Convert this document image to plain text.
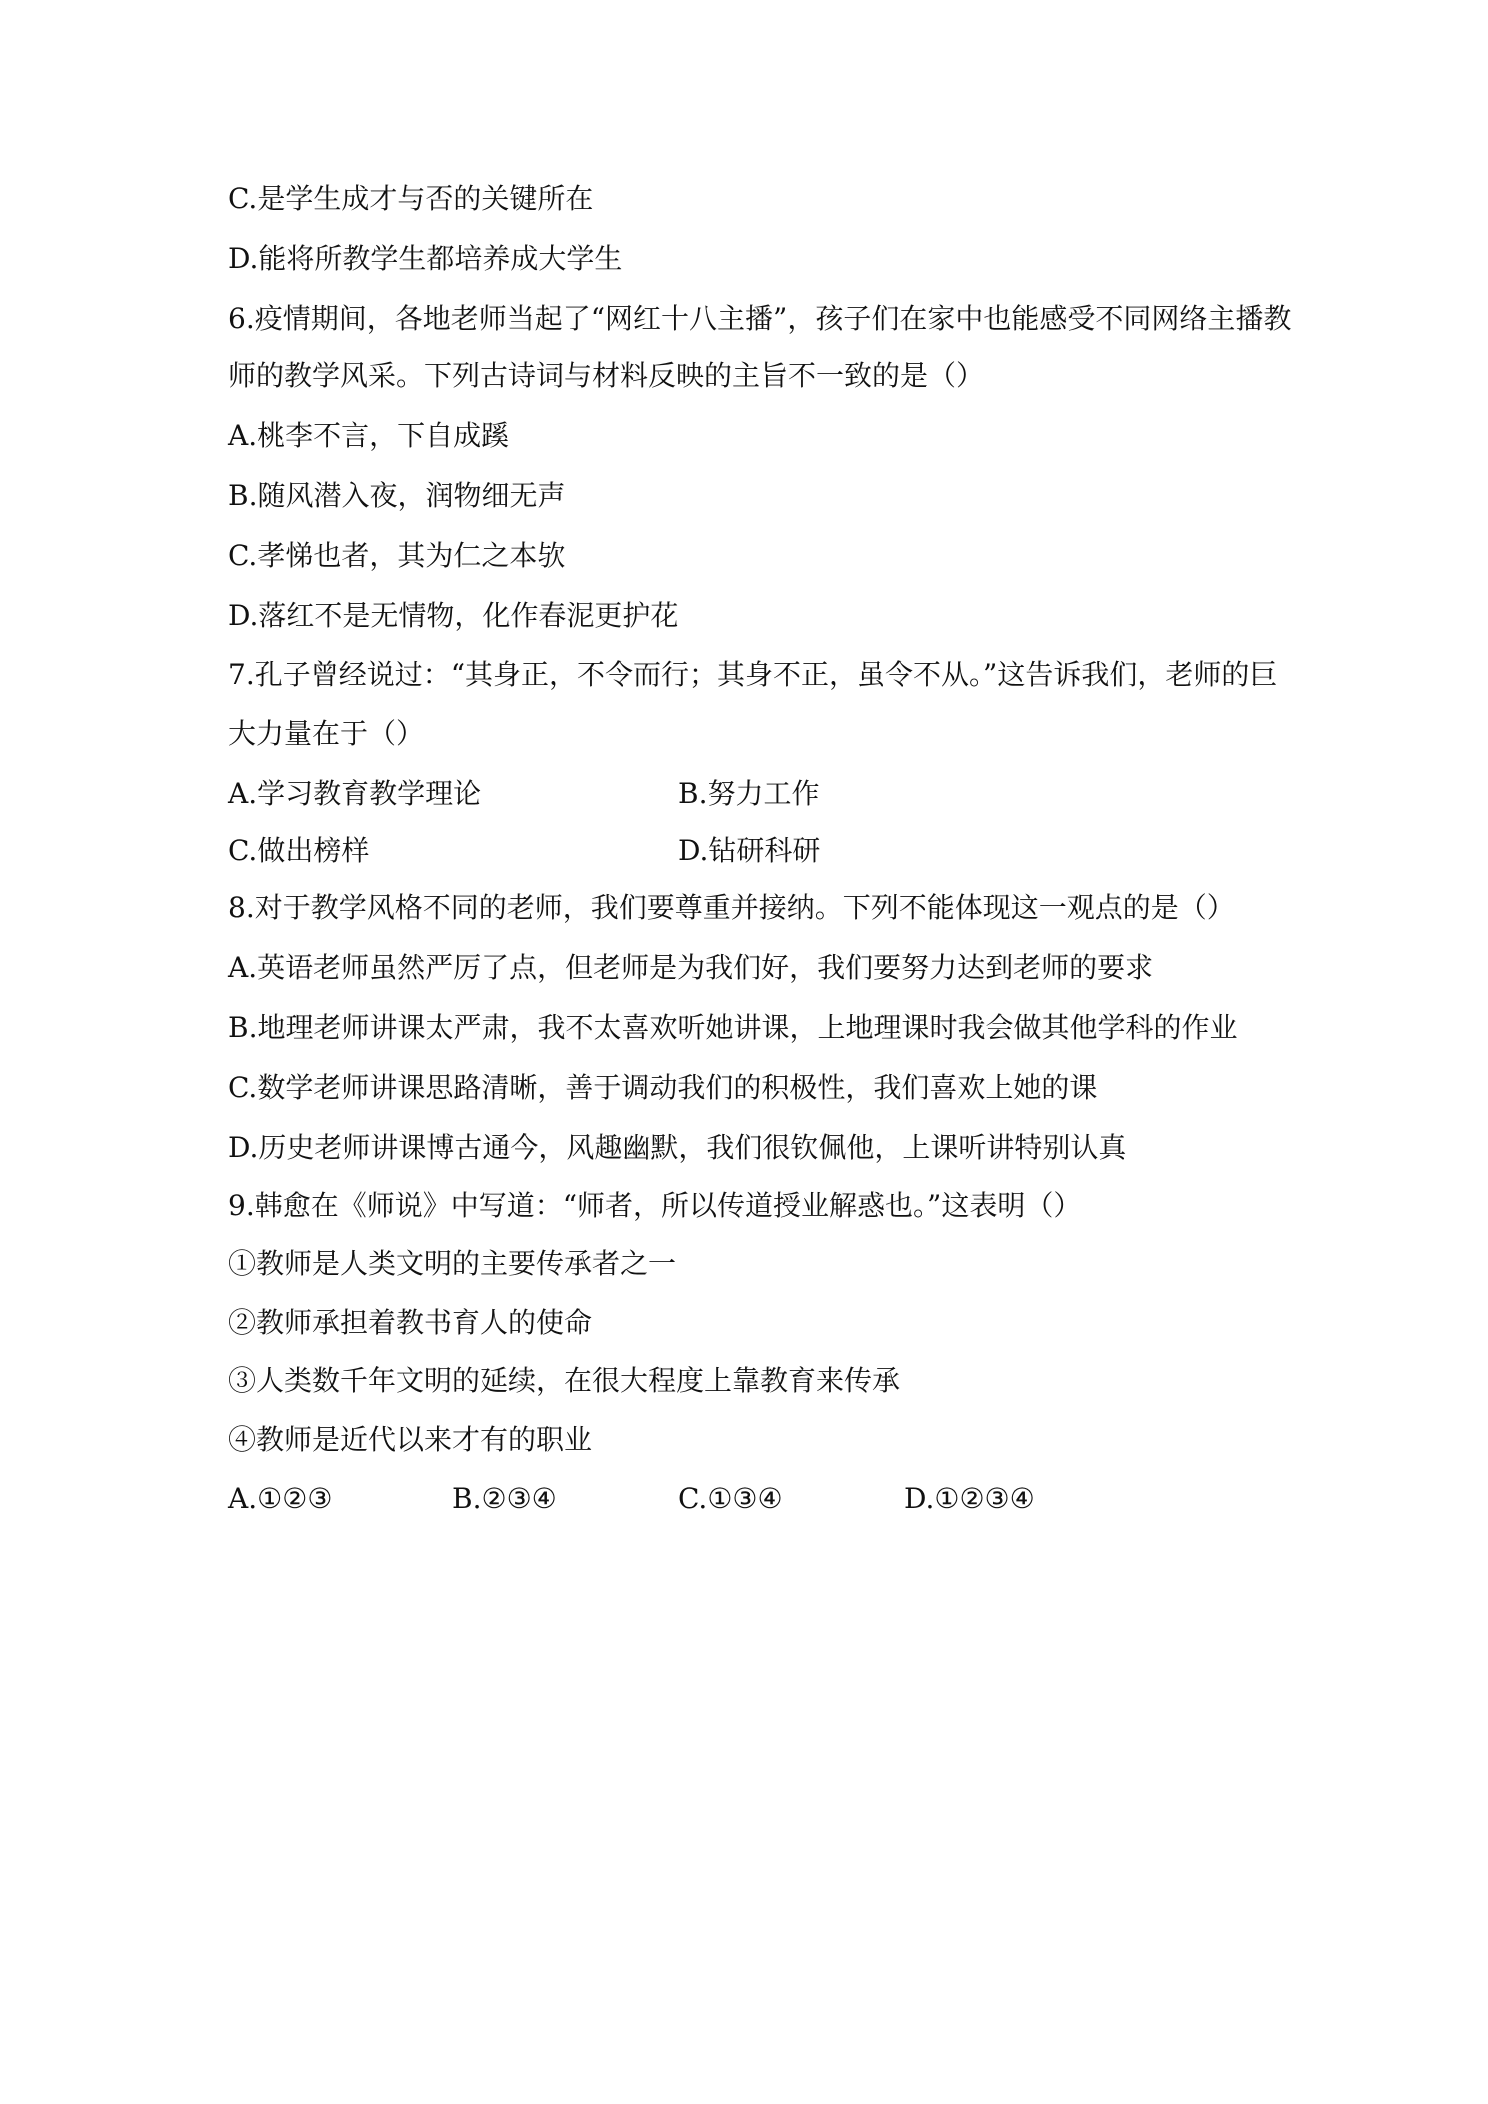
C.是学生成才与否的关键所在
D.能将所教学生都培养成大学生
6.疫情期间，各地老师当起了“网红十八主播”，孩子们在家中也能感受不同网络主播教
师的教学风采。下列古诗词与材料反映的主旨不一致的是（）
A.桃李不言，下自成蹊
B.随风潜入夜，润物细无声
C.孝悌也者，其为仁之本欤
D.落红不是无情物，化作春泥更护花
7.孔子曾经说过：“其身正，不令而行；其身不正，虽令不从。”这告诉我们，老师的巨
大力量在于（）
A.学习教育教学理论	B.努力工作
C.做出榜样	D.钻研科研
8.对于教学风格不同的老师，我们要尊重并接纳。下列不能体现这一观点的是（）
A.英语老师虽然严厉了点，但老师是为我们好，我们要努力达到老师的要求
B.地理老师讲课太严肃，我不太喜欢听她讲课，上地理课时我会做其他学科的作业
C.数学老师讲课思路清晰，善于调动我们的积极性，我们喜欢上她的课
D.历史老师讲课博古通今，风趣幽默，我们很钦佩他，上课听讲特别认真
9.韩愈在《师说》中写道：“师者，所以传道授业解惑也。”这表明（）
①教师是人类文明的主要传承者之一
②教师承担着教书育人的使命
③人类数千年文明的延续，在很大程度上靠教育来传承
④教师是近代以来才有的职业
A.①②③	B.②③④	C.①③④	D.①②③④
